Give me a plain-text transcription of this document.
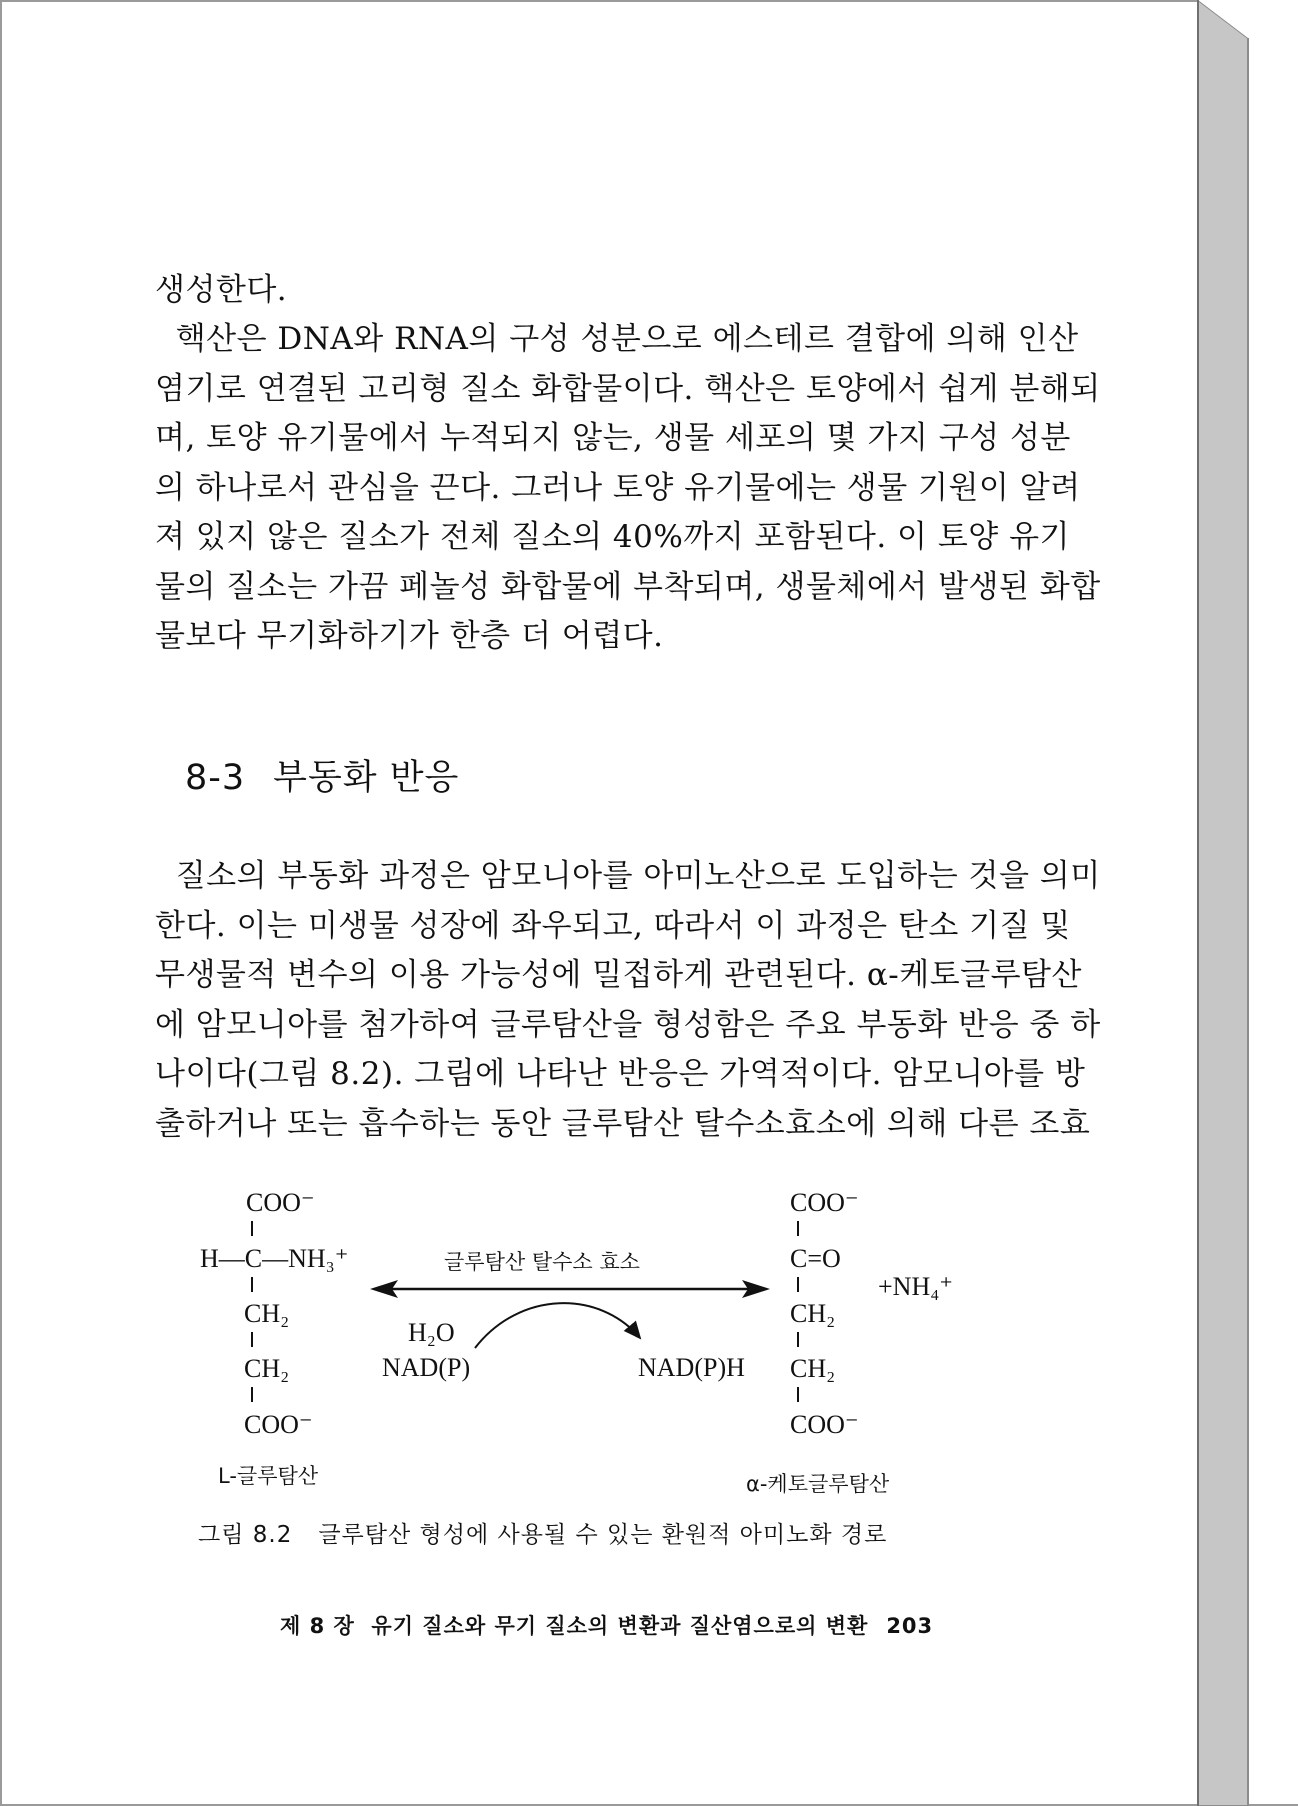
생성한다.
핵산은 DNA와 RNA의 구성 성분으로 에스테르 결합에 의해 인산
염기로 연결된 고리형 질소 화합물이다. 핵산은 토양에서 쉽게 분해되
며, 토양 유기물에서 누적되지 않는, 생물 세포의 몇 가지 구성 성분
의 하나로서 관심을 끈다. 그러나 토양 유기물에는 생물 기원이 알려
져 있지 않은 질소가 전체 질소의 40%까지 포함된다. 이 토양 유기
물의 질소는 가끔 페놀성 화합물에 부착되며, 생물체에서 발생된 화합
물보다 무기화하기가 한층 더 어렵다.
8-3 부동화 반응
질소의 부동화 과정은 암모니아를 아미노산으로 도입하는 것을 의미
한다. 이는 미생물 성장에 좌우되고, 따라서 이 과정은 탄소 기질 및
무생물적 변수의 이용 가능성에 밀접하게 관련된다. α-케토글루탐산
에 암모니아를 첨가하여 글루탐산을 형성함은 주요 부동화 반응 중 하
나이다(그림 8.2). 그림에 나타난 반응은 가역적이다. 암모니아를 방
출하거나 또는 흡수하는 동안 글루탐산 탈수소효소에 의해 다른 조효
COO⁻
H—C—NH₃⁺
CH₂
CH₂
COO⁻
L-글루탐산
글루탐산 탈수소 효소
H₂O
NAD(P)	NAD(P)H
COO⁻
C=O
CH₂
CH₂
COO⁻
+NH₄⁺
α-케토글루탐산

그림 8.2 글루탐산 형성에 사용될 수 있는 환원적 아미노화 경로

제 8 장  유기 질소와 무기 질소의 변환과 질산염으로의 변환 203
